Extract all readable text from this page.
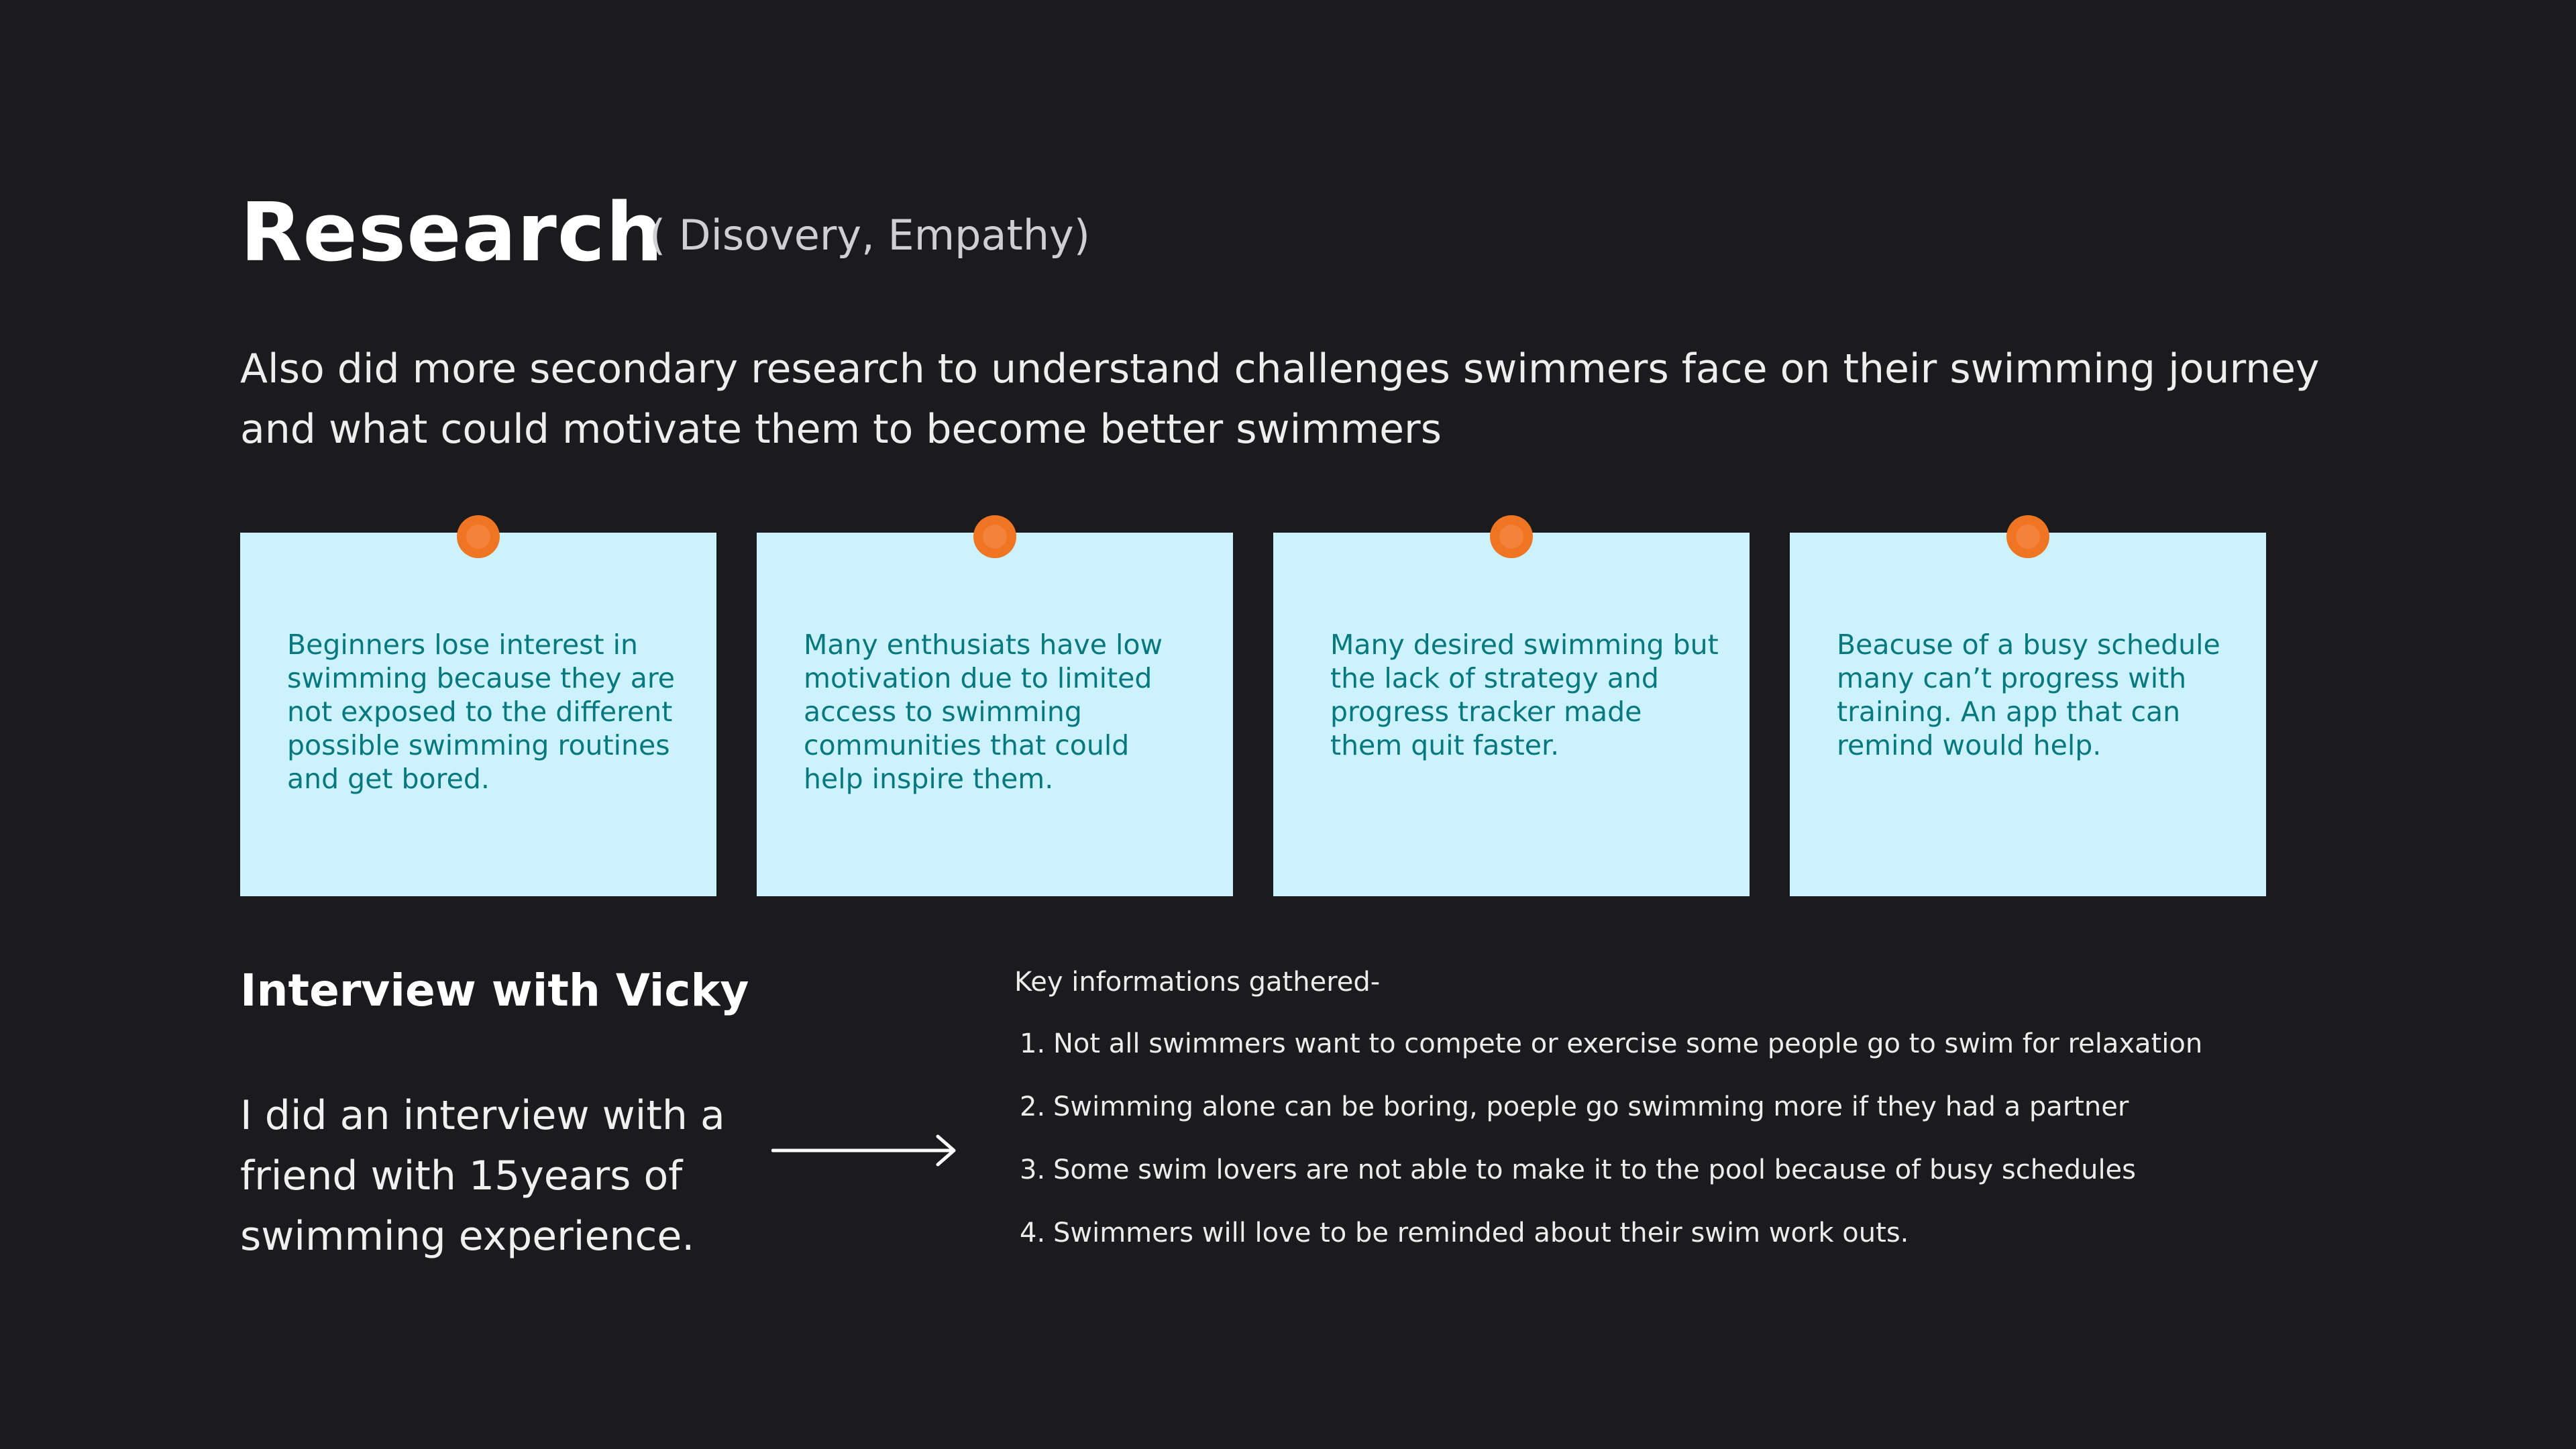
Research
( Disovery, Empathy)
Also did more secondary research to understand challenges swimmers face on their swimming journey and what could motivate them to become better swimmers
Beginners lose interest in swimming because they are not exposed to the different possible swimming routines and get bored.
Many enthusiats have low motivation due to limited access to swimming communities that could help inspire them.
Many desired swimming but the lack of strategy and progress tracker made them quit faster.
Beacuse of a busy schedule many can’t progress with training. An app that can remind would help.
Interview with Vicky
I did an interview with a friend with 15years of swimming experience.
Key informations gathered-
1. Not all swimmers want to compete or exercise some people go to swim for relaxation
2. Swimming alone can be boring, poeple go swimming more if they had a partner
3. Some swim lovers are not able to make it to the pool because of busy schedules
4. Swimmers will love to be reminded about their swim work outs.
